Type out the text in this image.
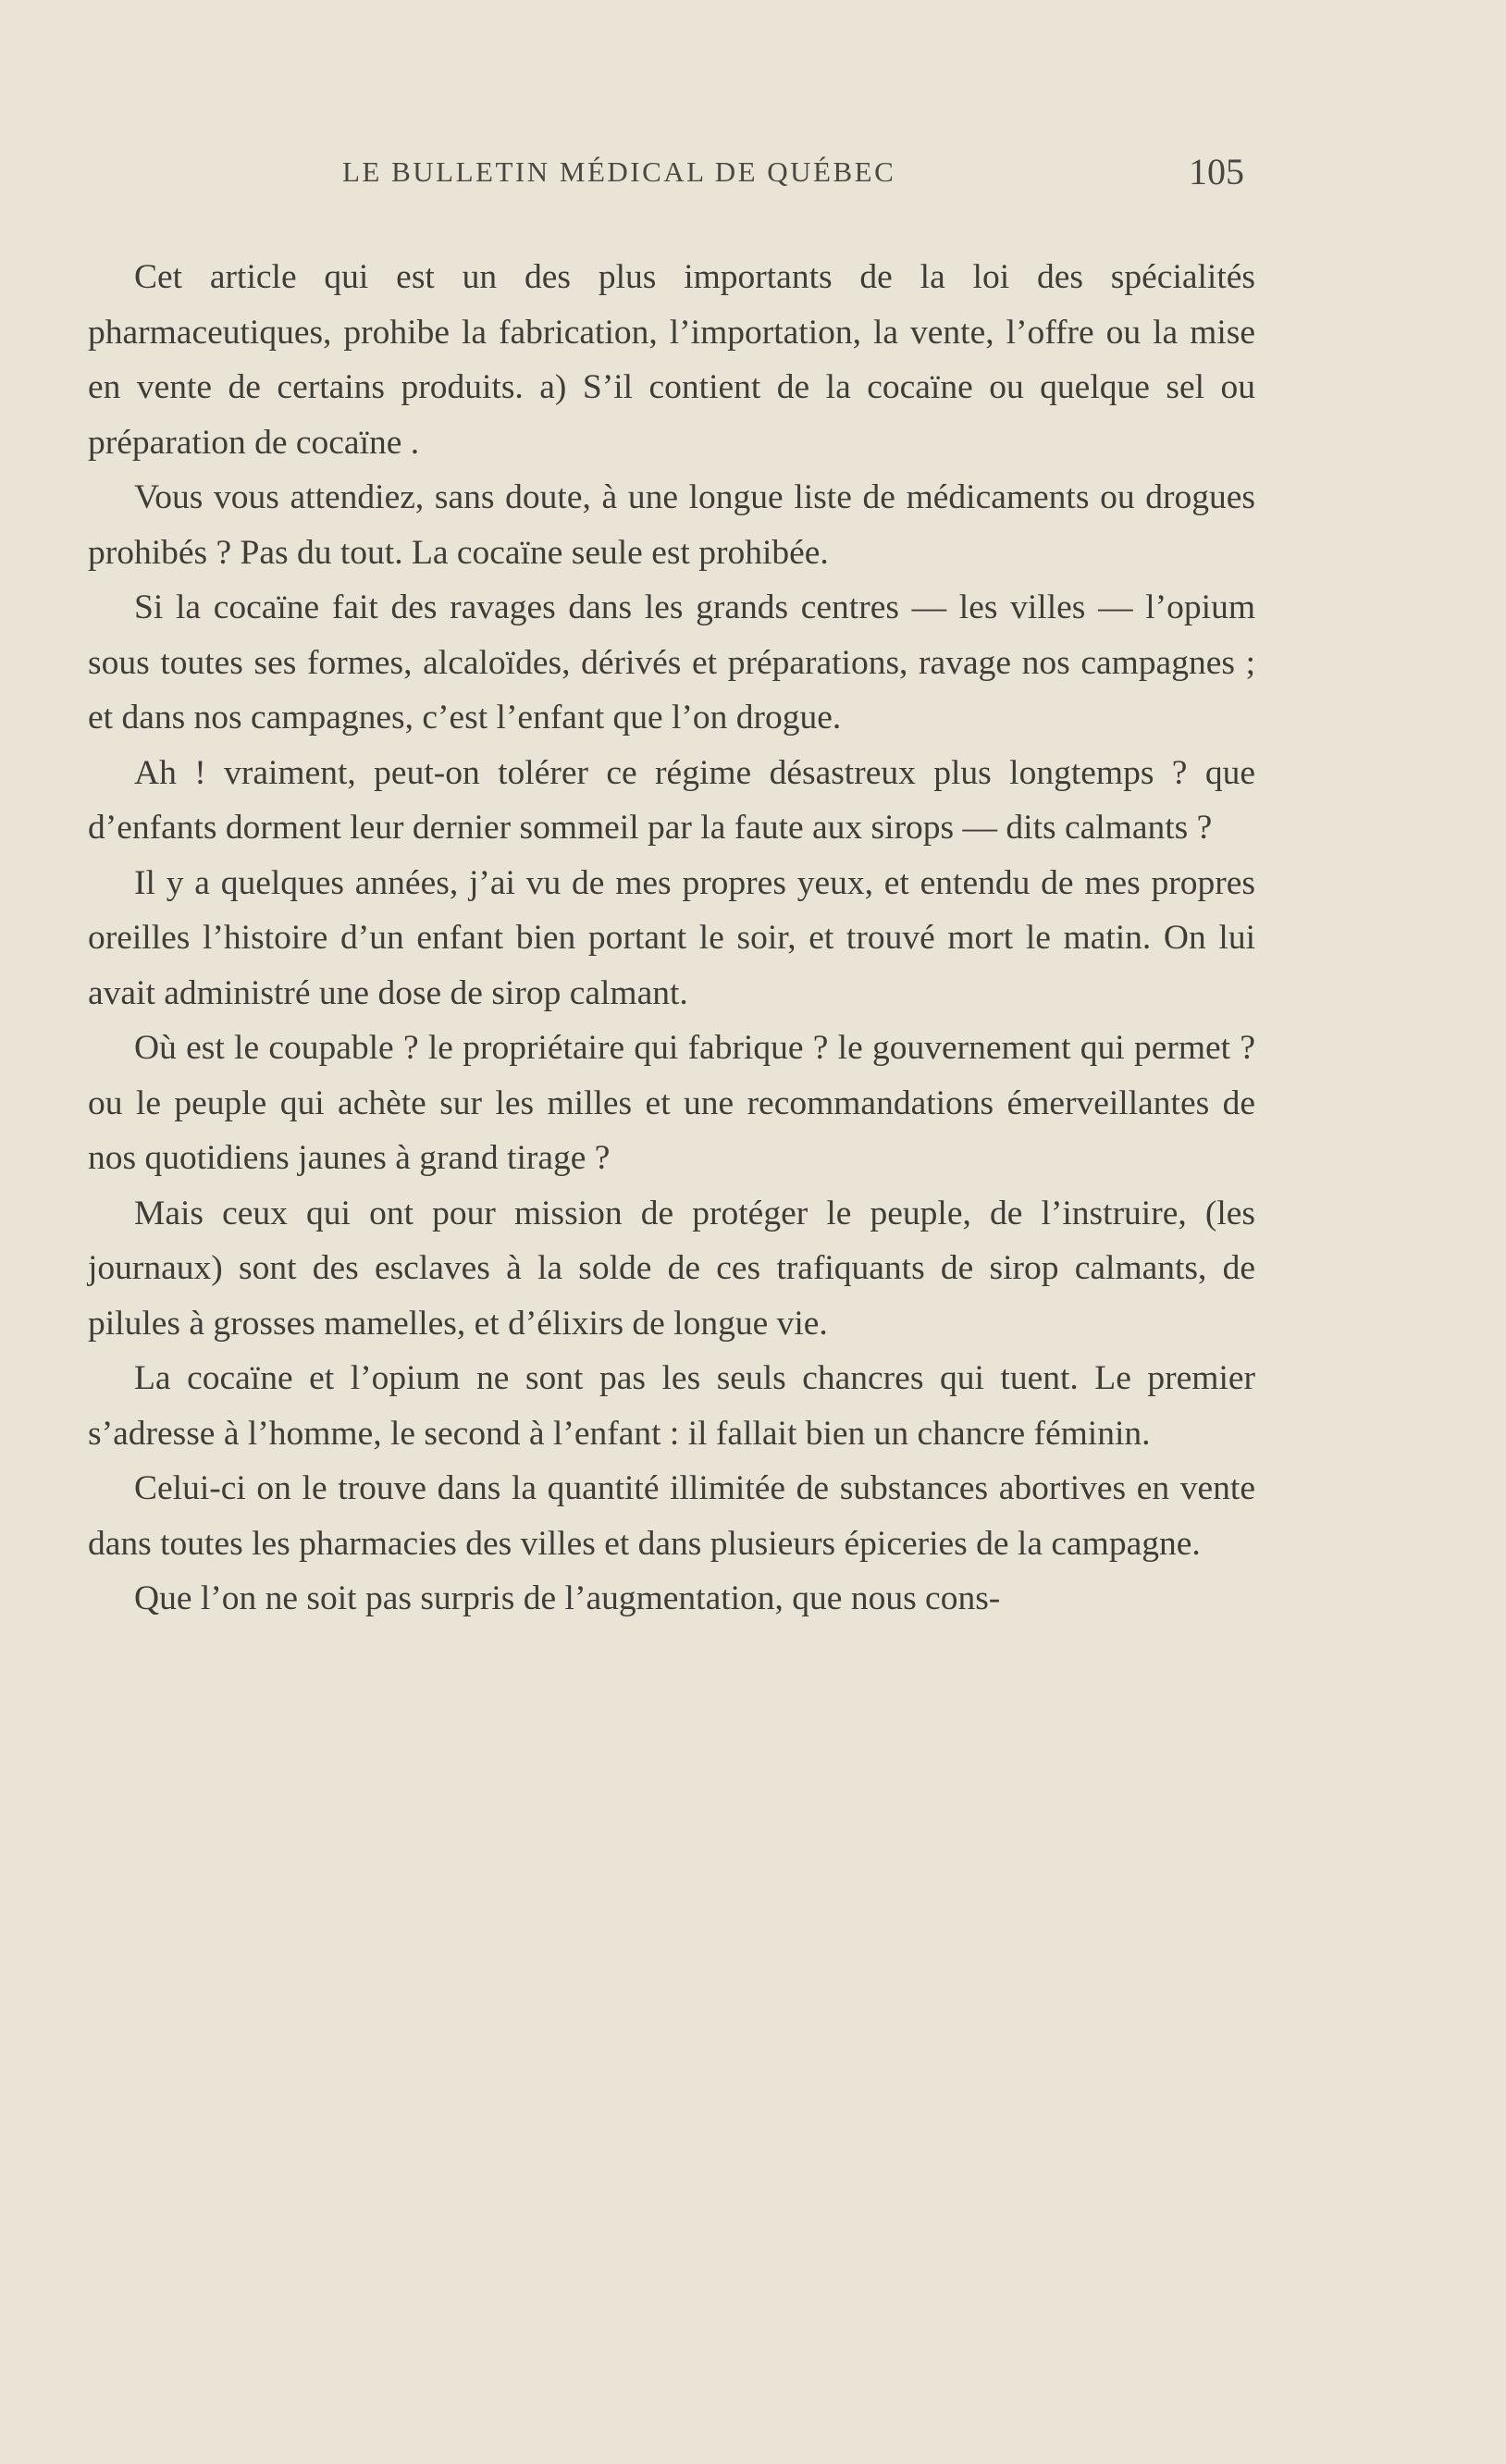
LE BULLETIN MÉDICAL DE QUÉBEC	105

Cet article qui est un des plus importants de la loi des spécialités pharmaceutiques, prohibe la fabrication, l’importation, la vente, l’offre ou la mise en vente de certains produits. a) S’il contient de la cocaïne ou quelque sel ou préparation de cocaïne .

Vous vous attendiez, sans doute, à une longue liste de médicaments ou drogues prohibés ? Pas du tout. La cocaïne seule est prohibée.

Si la cocaïne fait des ravages dans les grands centres — les villes — l’opium sous toutes ses formes, alcaloïdes, dérivés et préparations, ravage nos campagnes ; et dans nos campagnes, c’est l’enfant que l’on drogue.

Ah ! vraiment, peut-on tolérer ce régime désastreux plus longtemps ? que d’enfants dorment leur dernier sommeil par la faute aux sirops — dits calmants ?

Il y a quelques années, j’ai vu de mes propres yeux, et entendu de mes propres oreilles l’histoire d’un enfant bien portant le soir, et trouvé mort le matin. On lui avait administré une dose de sirop calmant.

Où est le coupable ? le propriétaire qui fabrique ? le gouvernement qui permet ? ou le peuple qui achète sur les milles et une recommandations émerveillantes de nos quotidiens jaunes à grand tirage ?

Mais ceux qui ont pour mission de protéger le peuple, de l’instruire, (les journaux) sont des esclaves à la solde de ces trafiquants de sirop calmants, de pilules à grosses mamelles, et d’élixirs de longue vie.

La cocaïne et l’opium ne sont pas les seuls chancres qui tuent. Le premier s’adresse à l’homme, le second à l’enfant : il fallait bien un chancre féminin.

Celui-ci on le trouve dans la quantité illimitée de substances abortives en vente dans toutes les pharmacies des villes et dans plusieurs épiceries de la campagne.

Que l’on ne soit pas surpris de l’augmentation, que nous cons-
